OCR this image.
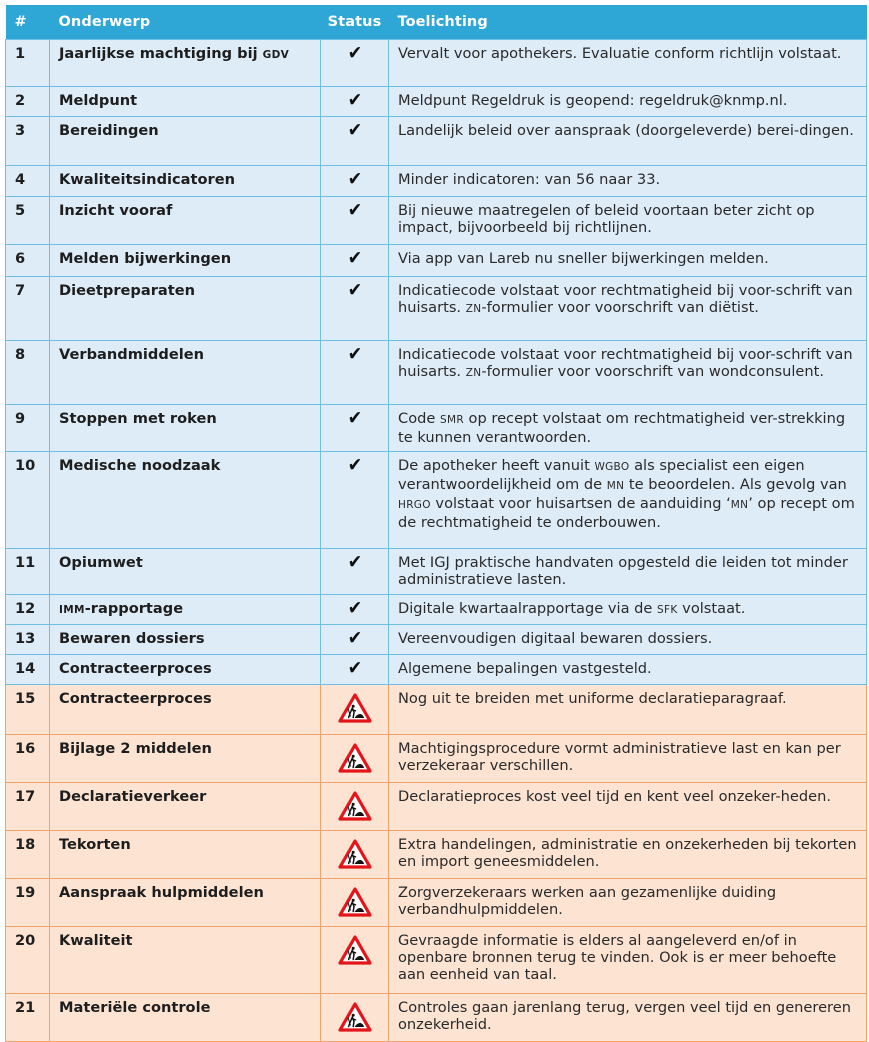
#	Onderwerp	Status	Toelichting
1	Jaarlijkse machtiging bij GDV	✔	Vervalt voor apothekers. Evaluatie conform richtlijn volstaat.
2	Meldpunt	✔	Meldpunt Regeldruk is geopend: regeldruk@knmp.nl.
3	Bereidingen	✔	Landelijk beleid over aanspraak (doorgeleverde) berei-dingen.
4	Kwaliteitsindicatoren	✔	Minder indicatoren: van 56 naar 33.
5	Inzicht vooraf	✔	Bij nieuwe maatregelen of beleid voortaan beter zicht op impact, bijvoorbeeld bij richtlijnen.
6	Melden bijwerkingen	✔	Via app van Lareb nu sneller bijwerkingen melden.
7	Dieetpreparaten	✔	Indicatiecode volstaat voor rechtmatigheid bij voor-schrift van huisarts. ZN-formulier voor voorschrift van diëtist.
8	Verbandmiddelen	✔	Indicatiecode volstaat voor rechtmatigheid bij voor-schrift van huisarts. ZN-formulier voor voorschrift van wondconsulent.
9	Stoppen met roken	✔	Code SMR op recept volstaat om rechtmatigheid ver-strekking te kunnen verantwoorden.
10	Medische noodzaak	✔	De apotheker heeft vanuit WGBO als specialist een eigen verantwoordelijkheid om de MN te beoordelen. Als gevolg van HRGO volstaat voor huisartsen de aanduiding ‘MN’ op recept om de rechtmatigheid te onderbouwen.
11	Opiumwet	✔	Met IGJ praktische handvaten opgesteld die leiden tot minder administratieve lasten.
12	IMM-rapportage	✔	Digitale kwartaalrapportage via de SFK volstaat.
13	Bewaren dossiers	✔	Vereenvoudigen digitaal bewaren dossiers.
14	Contracteerproces	✔	Algemene bepalingen vastgesteld.
15	Contracteerproces		Nog uit te breiden met uniforme declaratieparagraaf.
16	Bijlage 2 middelen		Machtigingsprocedure vormt administratieve last en kan per verzekeraar verschillen.
17	Declaratieverkeer		Declaratieproces kost veel tijd en kent veel onzeker-heden.
18	Tekorten		Extra handelingen, administratie en onzekerheden bij tekorten en import geneesmiddelen.
19	Aanspraak hulpmiddelen		Zorgverzekeraars werken aan gezamenlijke duiding verbandhulpmiddelen.
20	Kwaliteit		Gevraagde informatie is elders al aangeleverd en/of in openbare bronnen terug te vinden. Ook is er meer behoefte aan eenheid van taal.
21	Materiële controle		Controles gaan jarenlang terug, vergen veel tijd en genereren onzekerheid.
